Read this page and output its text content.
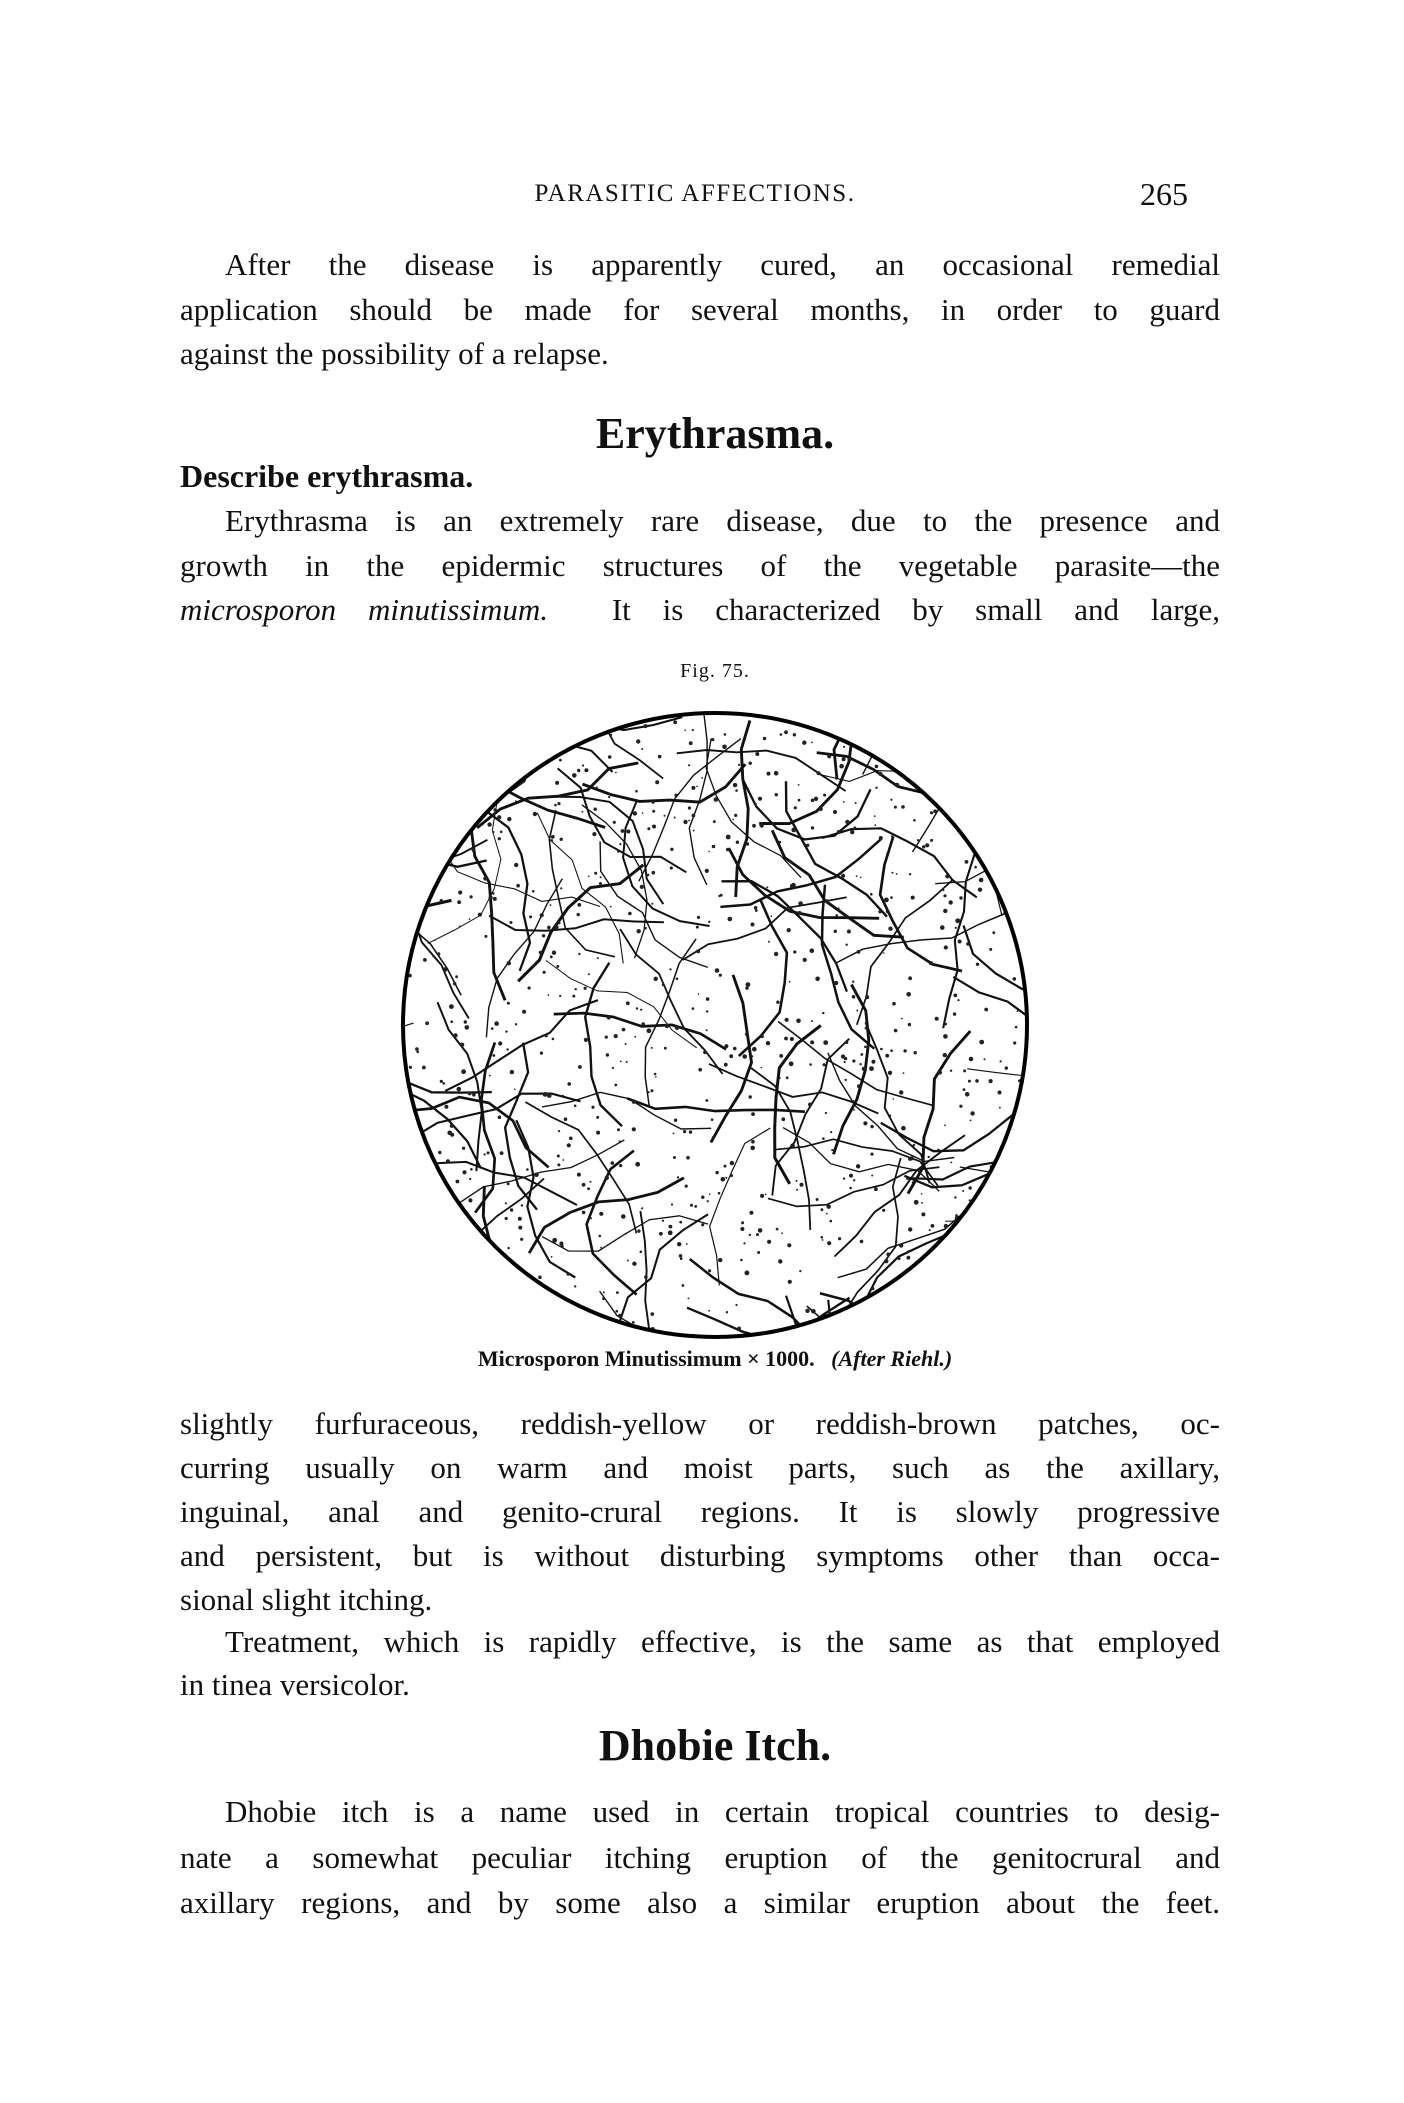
PARASITIC AFFECTIONS.	265
After the disease is apparently cured, an occasional remedial
application should be made for several months, in order to guard
against the possibility of a relapse.
Erythrasma.
Describe erythrasma.
Erythrasma is an extremely rare disease, due to the presence and
growth in the epidermic structures of the vegetable parasite—the
microsporon minutissimum. It is characterized by small and large,
Fig. 75.
Microsporon Minutissimum × 1000. (After Riehl.)
slightly furfuraceous, reddish-yellow or reddish-brown patches, oc-
curring usually on warm and moist parts, such as the axillary,
inguinal, anal and genito-crural regions. It is slowly progressive
and persistent, but is without disturbing symptoms other than occa-
sional slight itching.
Treatment, which is rapidly effective, is the same as that employed
in tinea versicolor.
Dhobie Itch.
Dhobie itch is a name used in certain tropical countries to desig-
nate a somewhat peculiar itching eruption of the genitocrural and
axillary regions, and by some also a similar eruption about the feet.
